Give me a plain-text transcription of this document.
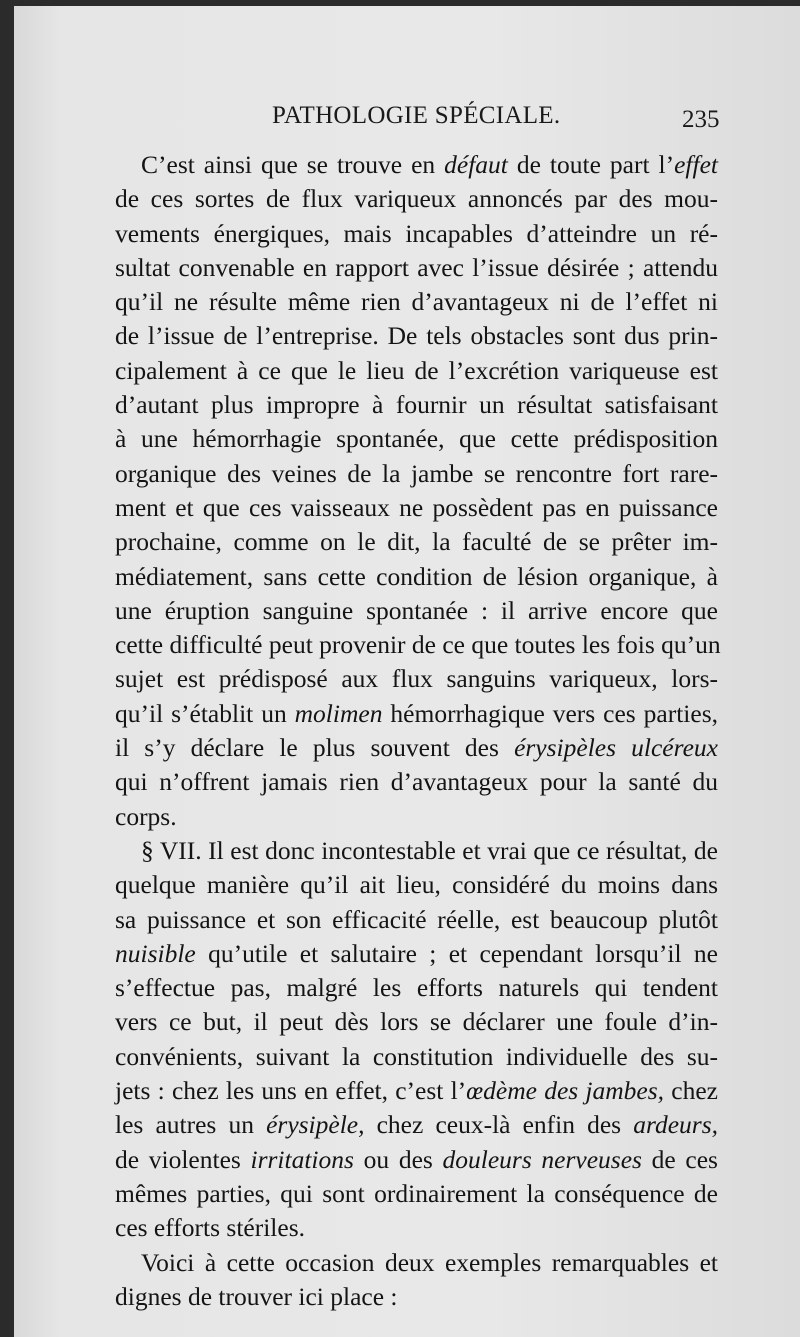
PATHOLOGIE SPÉCIALE.	235
C’est ainsi que se trouve en défaut de toute part l’effet
de ces sortes de flux variqueux annoncés par des mou-
vements énergiques, mais incapables d’atteindre un ré-
sultat convenable en rapport avec l’issue désirée ; attendu
qu’il ne résulte même rien d’avantageux ni de l’effet ni
de l’issue de l’entreprise. De tels obstacles sont dus prin-
cipalement à ce que le lieu de l’excrétion variqueuse est
d’autant plus impropre à fournir un résultat satisfaisant
à une hémorrhagie spontanée, que cette prédisposition
organique des veines de la jambe se rencontre fort rare-
ment et que ces vaisseaux ne possèdent pas en puissance
prochaine, comme on le dit, la faculté de se prêter im-
médiatement, sans cette condition de lésion organique, à
une éruption sanguine spontanée : il arrive encore que
cette difficulté peut provenir de ce que toutes les fois qu’un
sujet est prédisposé aux flux sanguins variqueux, lors-
qu’il s’établit un molimen hémorrhagique vers ces parties,
il s’y déclare le plus souvent des érysipèles ulcéreux
qui n’offrent jamais rien d’avantageux pour la santé du
corps.
§ VII. Il est donc incontestable et vrai que ce résultat, de
quelque manière qu’il ait lieu, considéré du moins dans
sa puissance et son efficacité réelle, est beaucoup plutôt
nuisible qu’utile et salutaire ; et cependant lorsqu’il ne
s’effectue pas, malgré les efforts naturels qui tendent
vers ce but, il peut dès lors se déclarer une foule d’in-
convénients, suivant la constitution individuelle des su-
jets : chez les uns en effet, c’est l’œdème des jambes, chez
les autres un érysipèle, chez ceux-là enfin des ardeurs,
de violentes irritations ou des douleurs nerveuses de ces
mêmes parties, qui sont ordinairement la conséquence de
ces efforts stériles.
Voici à cette occasion deux exemples remarquables et
dignes de trouver ici place :
